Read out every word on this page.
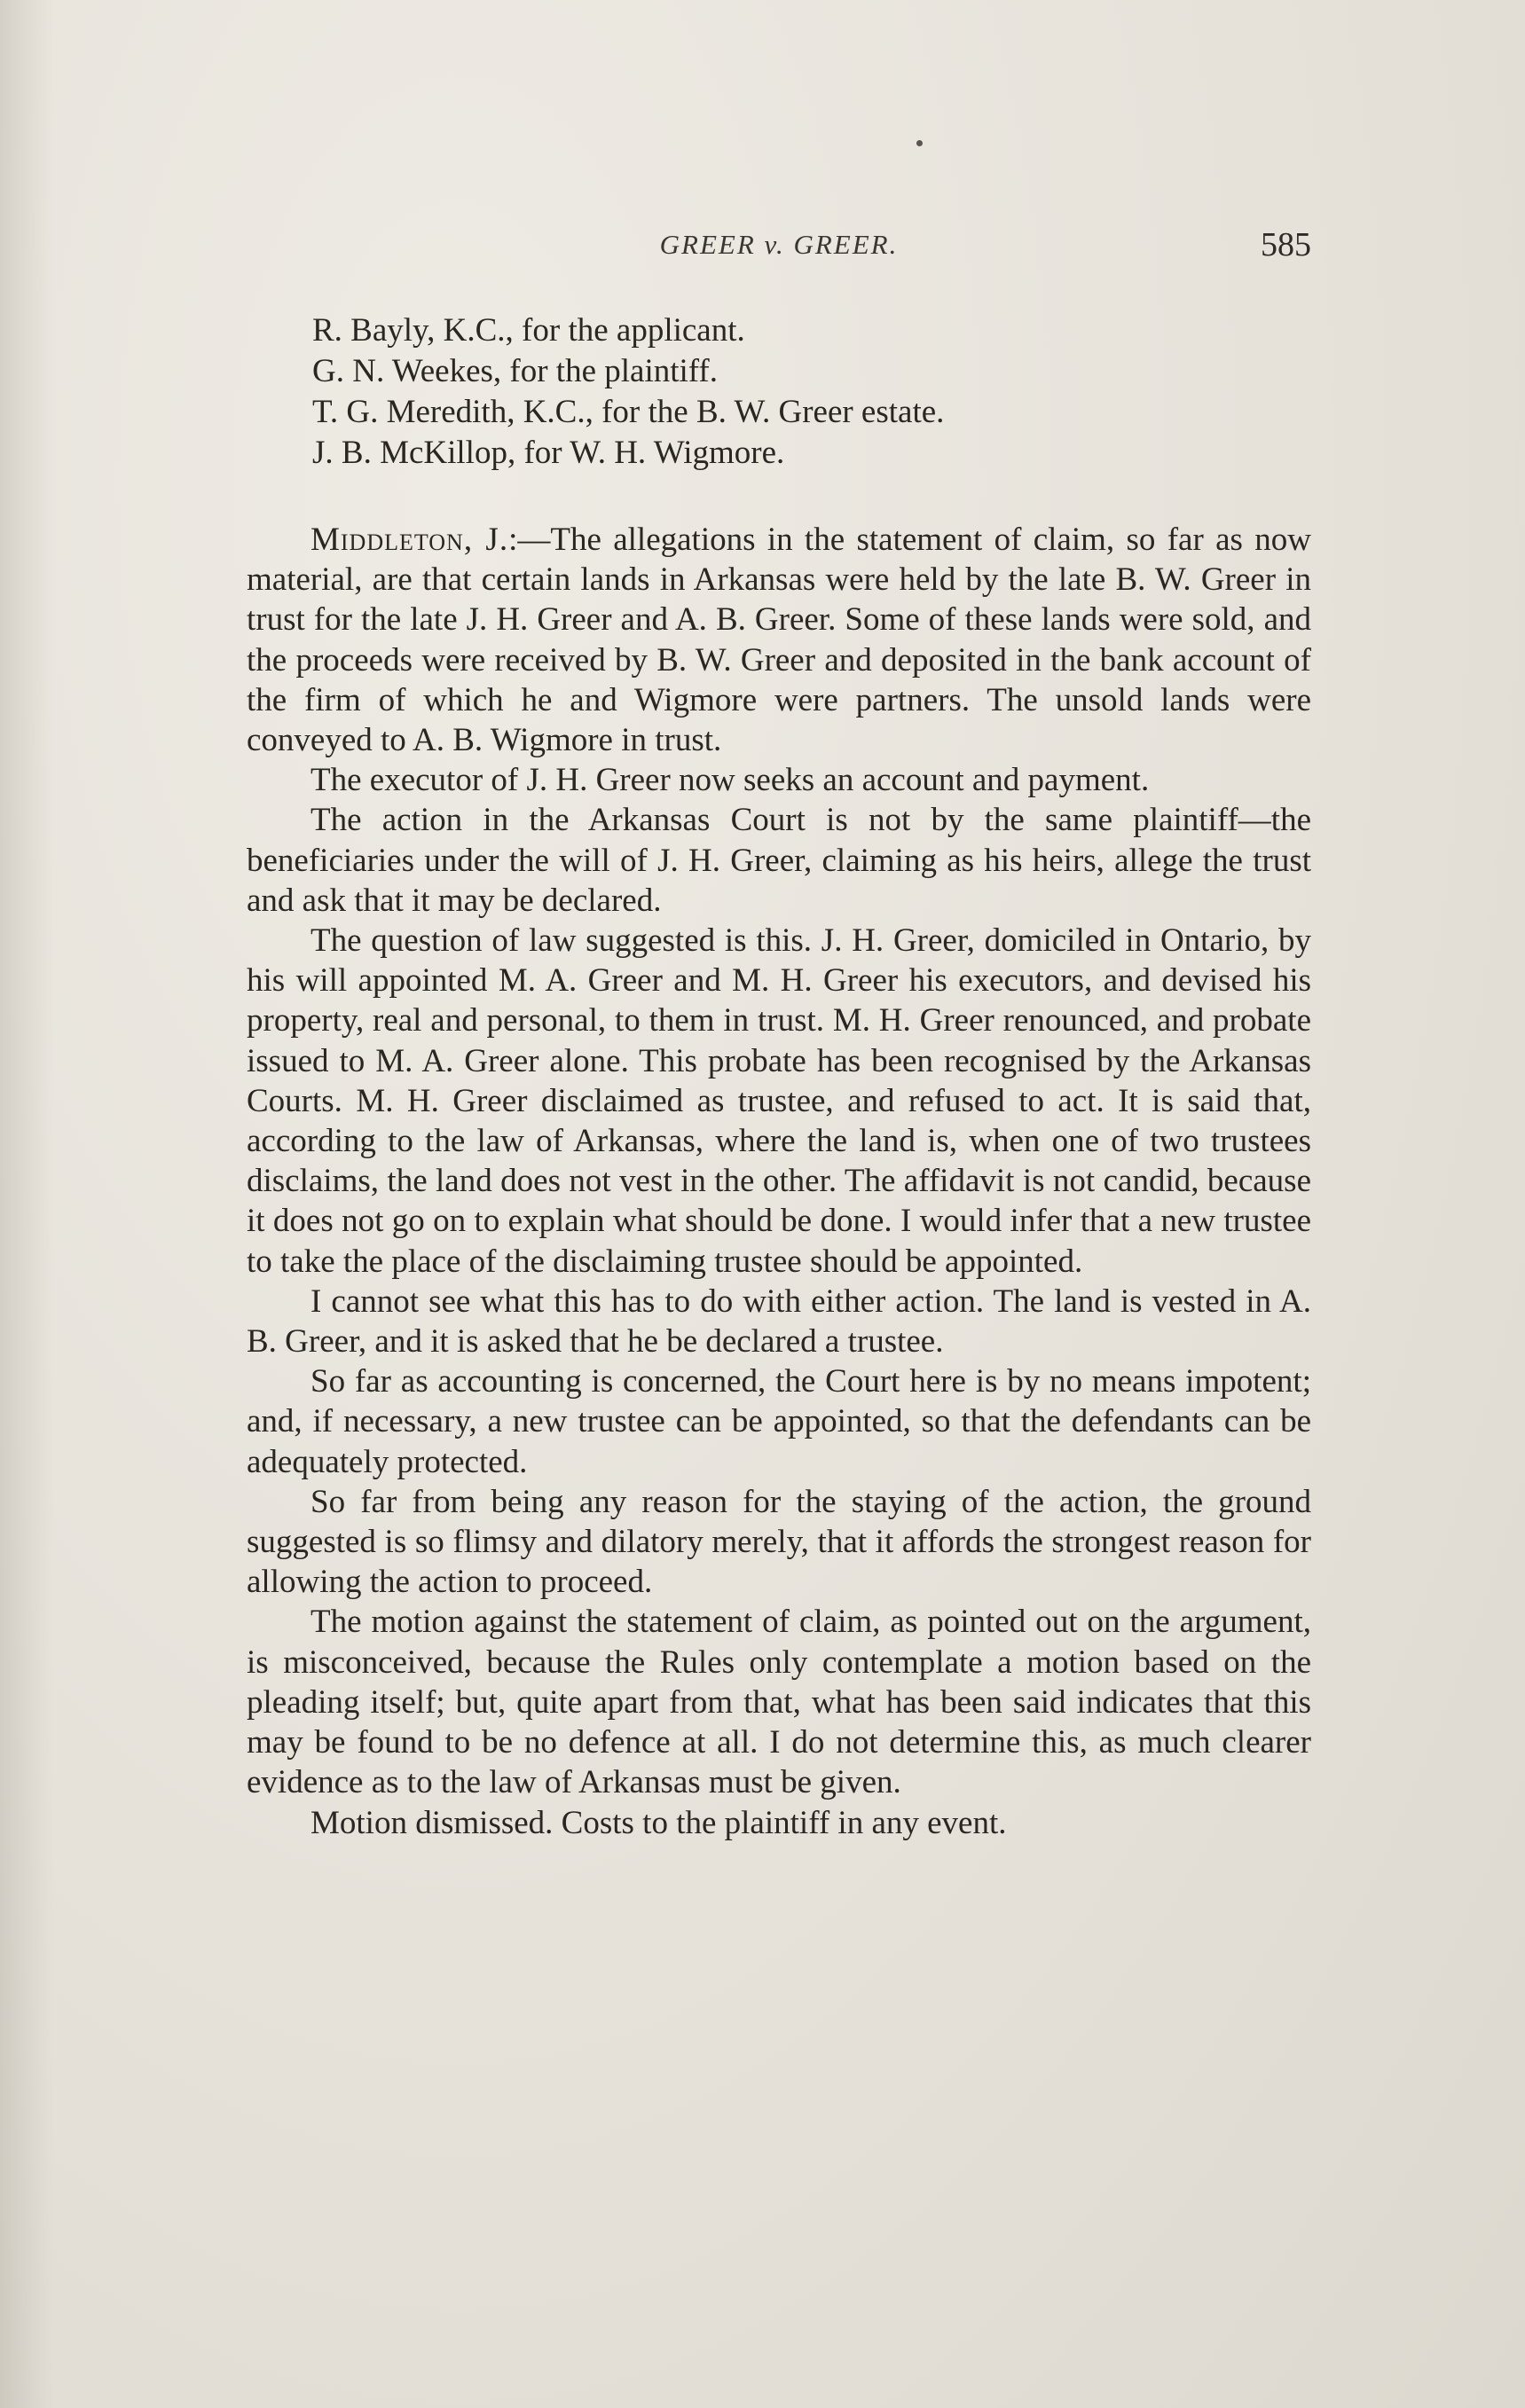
GREER v. GREER.	585
R. Bayly, K.C., for the applicant.
G. N. Weekes, for the plaintiff.
T. G. Meredith, K.C., for the B. W. Greer estate.
J. B. McKillop, for W. H. Wigmore.

Middleton, J.:—The allegations in the statement of claim, so far as now material, are that certain lands in Arkansas were held by the late B. W. Greer in trust for the late J. H. Greer and A. B. Greer. Some of these lands were sold, and the proceeds were received by B. W. Greer and deposited in the bank account of the firm of which he and Wigmore were partners. The unsold lands were conveyed to A. B. Wigmore in trust.

The executor of J. H. Greer now seeks an account and payment.

The action in the Arkansas Court is not by the same plaintiff—the beneficiaries under the will of J. H. Greer, claiming as his heirs, allege the trust and ask that it may be declared.

The question of law suggested is this. J. H. Greer, domiciled in Ontario, by his will appointed M. A. Greer and M. H. Greer his executors, and devised his property, real and personal, to them in trust. M. H. Greer renounced, and probate issued to M. A. Greer alone. This probate has been recognised by the Arkansas Courts. M. H. Greer disclaimed as trustee, and refused to act. It is said that, according to the law of Arkansas, where the land is, when one of two trustees disclaims, the land does not vest in the other. The affidavit is not candid, because it does not go on to explain what should be done. I would infer that a new trustee to take the place of the disclaiming trustee should be appointed.

I cannot see what this has to do with either action. The land is vested in A. B. Greer, and it is asked that he be declared a trustee.

So far as accounting is concerned, the Court here is by no means impotent; and, if necessary, a new trustee can be appointed, so that the defendants can be adequately protected.

So far from being any reason for the staying of the action, the ground suggested is so flimsy and dilatory merely, that it affords the strongest reason for allowing the action to proceed.

The motion against the statement of claim, as pointed out on the argument, is misconceived, because the Rules only contemplate a motion based on the pleading itself; but, quite apart from that, what has been said indicates that this may be found to be no defence at all. I do not determine this, as much clearer evidence as to the law of Arkansas must be given.

Motion dismissed. Costs to the plaintiff in any event.
